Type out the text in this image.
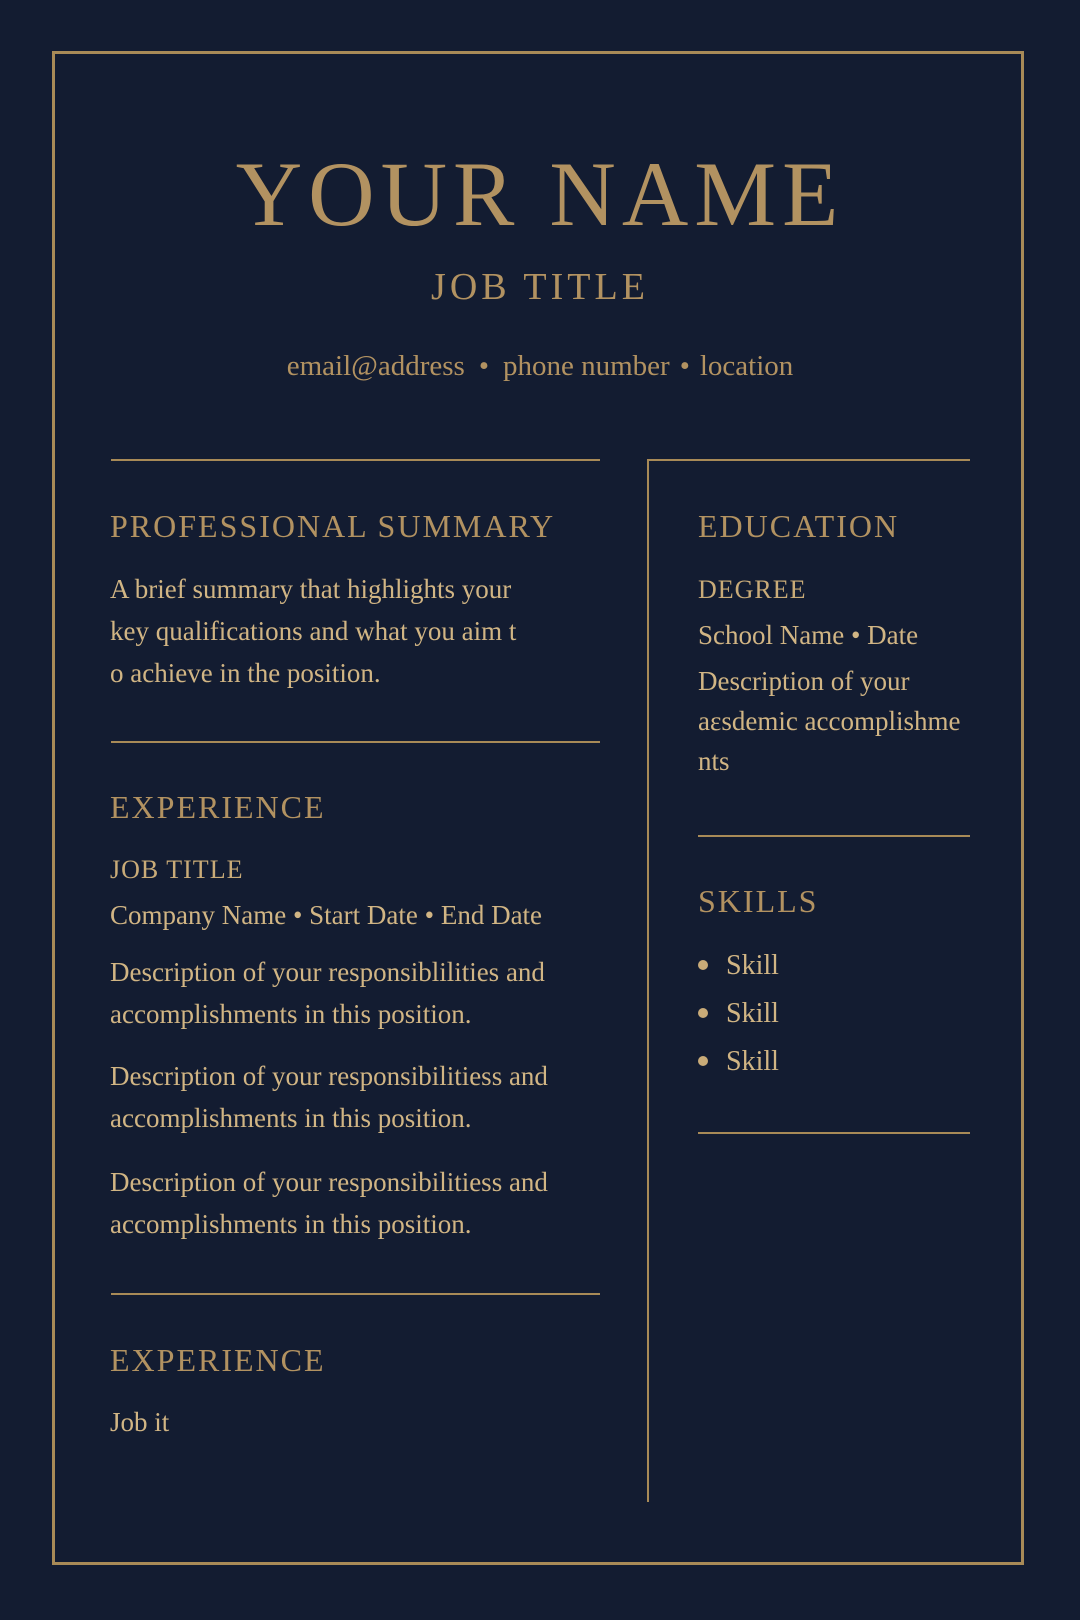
YOUR NAME
JOB TITLE
email@address • phone number • location
PROFESSIONAL SUMMARY
A brief summary that highlights your
key qualifications and what you aim t
o achieve in the position.
EXPERIENCE
JOB TITLE
Company Name • Start Date • End Date
Description of your responsiblilities and
accomplishments in this position.
Description of your responsibilitiess and
accomplishments in this position.
Description of your responsibilitiess and
accomplishments in this position.
EXPERIENCE
Job it
EDUCATION
DEGREE
School Name • Date
Description of your
aεsdemic accomplishme
nts
SKILLS
Skill
Skill
Skill
